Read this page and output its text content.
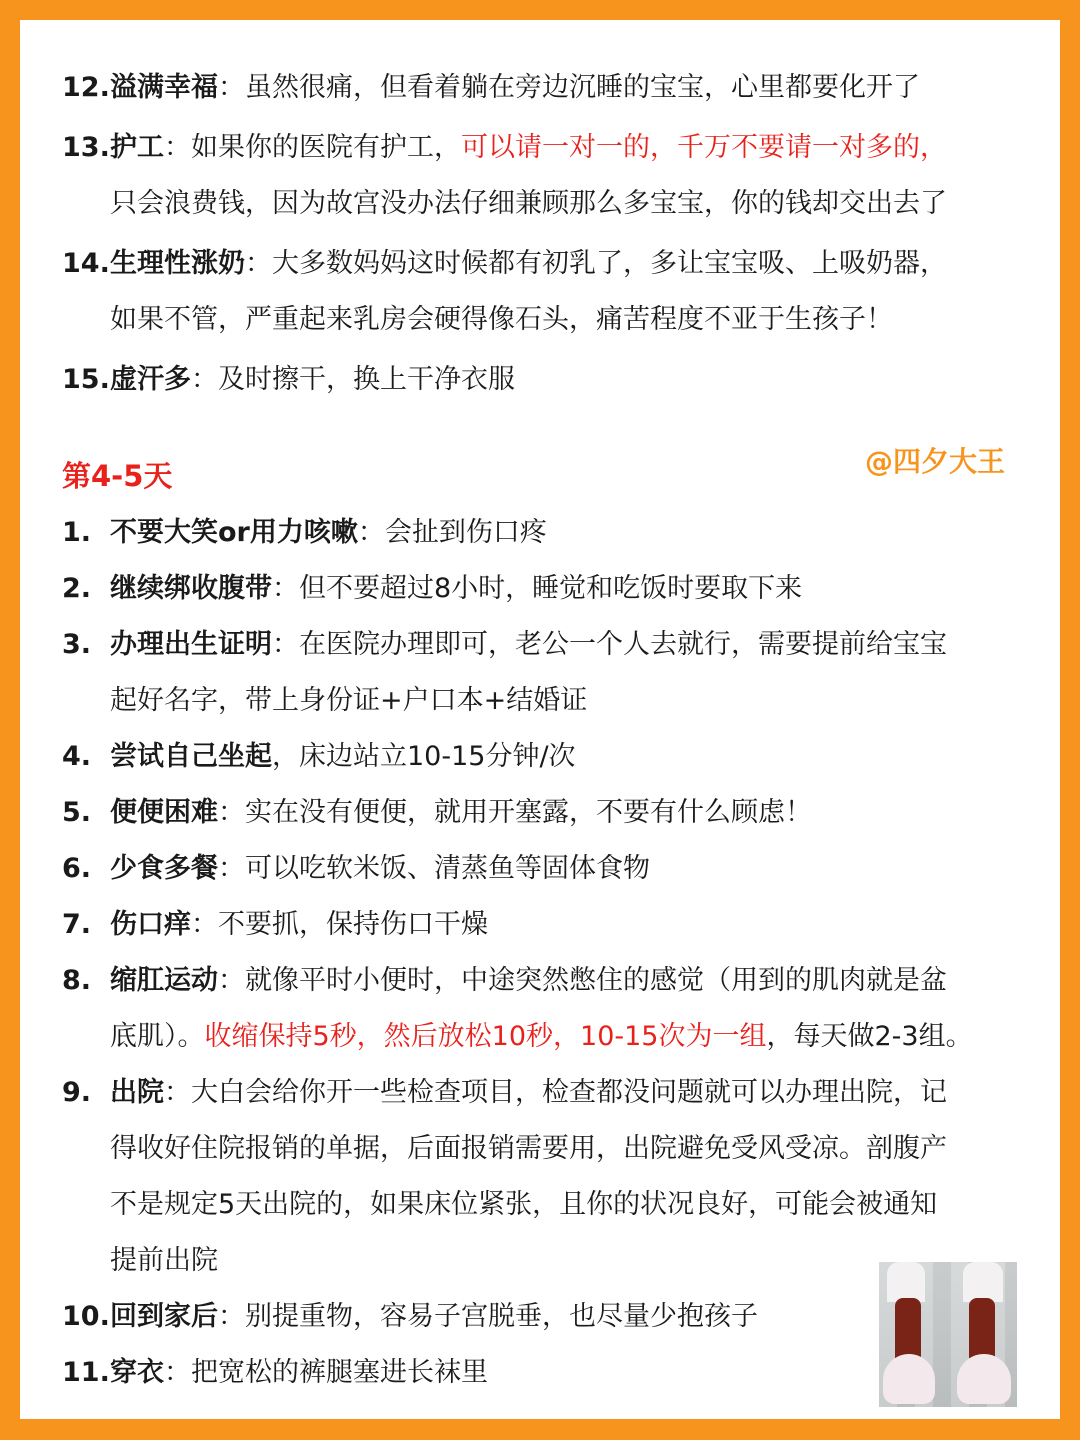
12. 溢满幸福：虽然很痛，但看着躺在旁边沉睡的宝宝，心里都要化开了
13. 护工：如果你的医院有护工，可以请一对一的，千万不要请一对多的，
只会浪费钱，因为故宫没办法仔细兼顾那么多宝宝，你的钱却交出去了
14. 生理性涨奶：大多数妈妈这时候都有初乳了，多让宝宝吸、上吸奶器，
如果不管，严重起来乳房会硬得像石头，痛苦程度不亚于生孩子！
15. 虚汗多：及时擦干，换上干净衣服
第4-5天	@四夕大王
1. 不要大笑or用力咳嗽：会扯到伤口疼
2. 继续绑收腹带：但不要超过8小时，睡觉和吃饭时要取下来
3. 办理出生证明：在医院办理即可，老公一个人去就行，需要提前给宝宝
起好名字，带上身份证+户口本+结婚证
4. 尝试自己坐起，床边站立10-15分钟/次
5. 便便困难：实在没有便便，就用开塞露，不要有什么顾虑！
6. 少食多餐：可以吃软米饭、清蒸鱼等固体食物
7. 伤口痒：不要抓，保持伤口干燥
8. 缩肛运动：就像平时小便时，中途突然憋住的感觉（用到的肌肉就是盆
底肌）。收缩保持5秒，然后放松10秒，10-15次为一组，每天做2-3组。
9. 出院：大白会给你开一些检查项目，检查都没问题就可以办理出院，记
得收好住院报销的单据，后面报销需要用，出院避免受风受凉。剖腹产
不是规定5天出院的，如果床位紧张，且你的状况良好，可能会被通知
提前出院
10. 回到家后：别提重物，容易子宫脱垂，也尽量少抱孩子
11. 穿衣：把宽松的裤腿塞进长袜里
